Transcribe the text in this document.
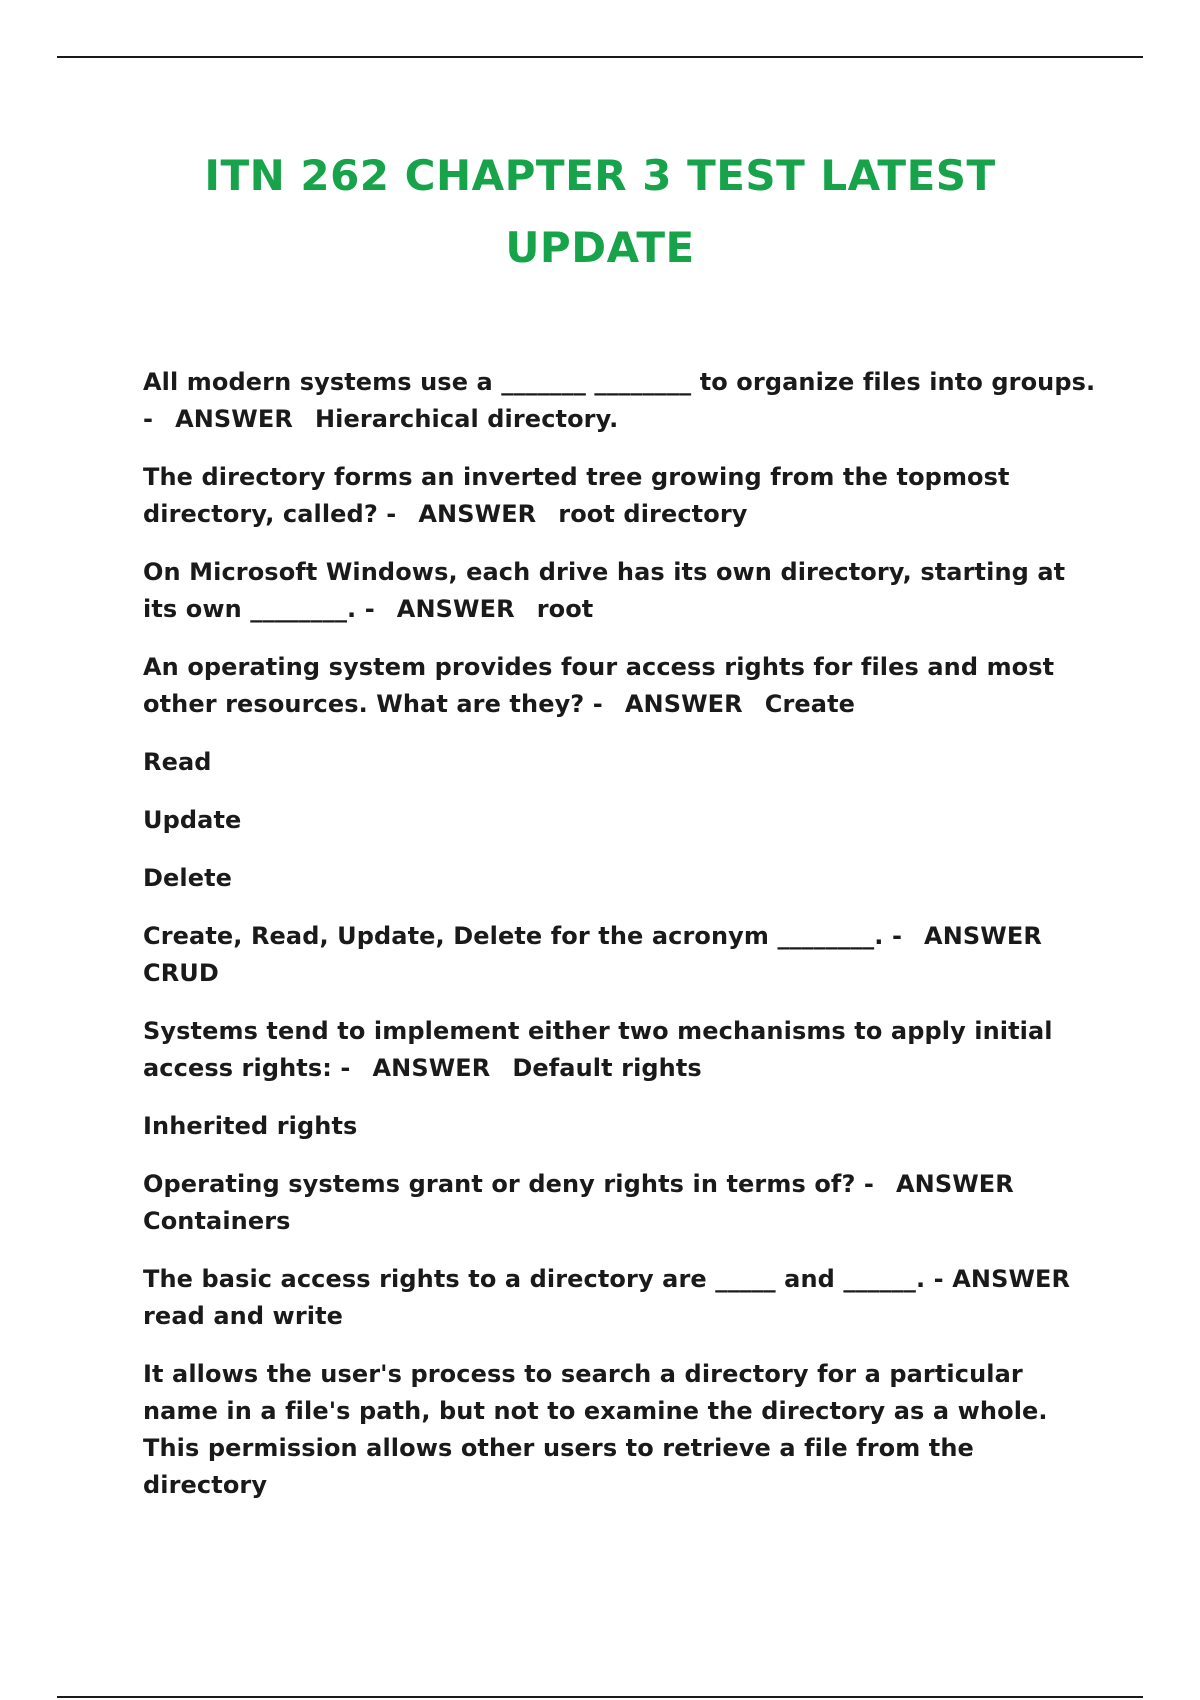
ITN 262 CHAPTER 3 TEST LATEST UPDATE

All modern systems use a _______ ________ to organize files into groups. - ANSWER Hierarchical directory.

The directory forms an inverted tree growing from the topmost directory, called? - ANSWER root directory

On Microsoft Windows, each drive has its own directory, starting at its own ________. - ANSWER root

An operating system provides four access rights for files and most other resources. What are they? - ANSWER Create

Read

Update

Delete

Create, Read, Update, Delete for the acronym ________. - ANSWER CRUD

Systems tend to implement either two mechanisms to apply initial access rights: - ANSWER Default rights

Inherited rights

Operating systems grant or deny rights in terms of? - ANSWER Containers

The basic access rights to a directory are _____ and ______. - ANSWERread and write

It allows the user's process to search a directory for a particular name in a file's path, but not to examine the directory as a whole. This permission allows other users to retrieve a file from the directory
